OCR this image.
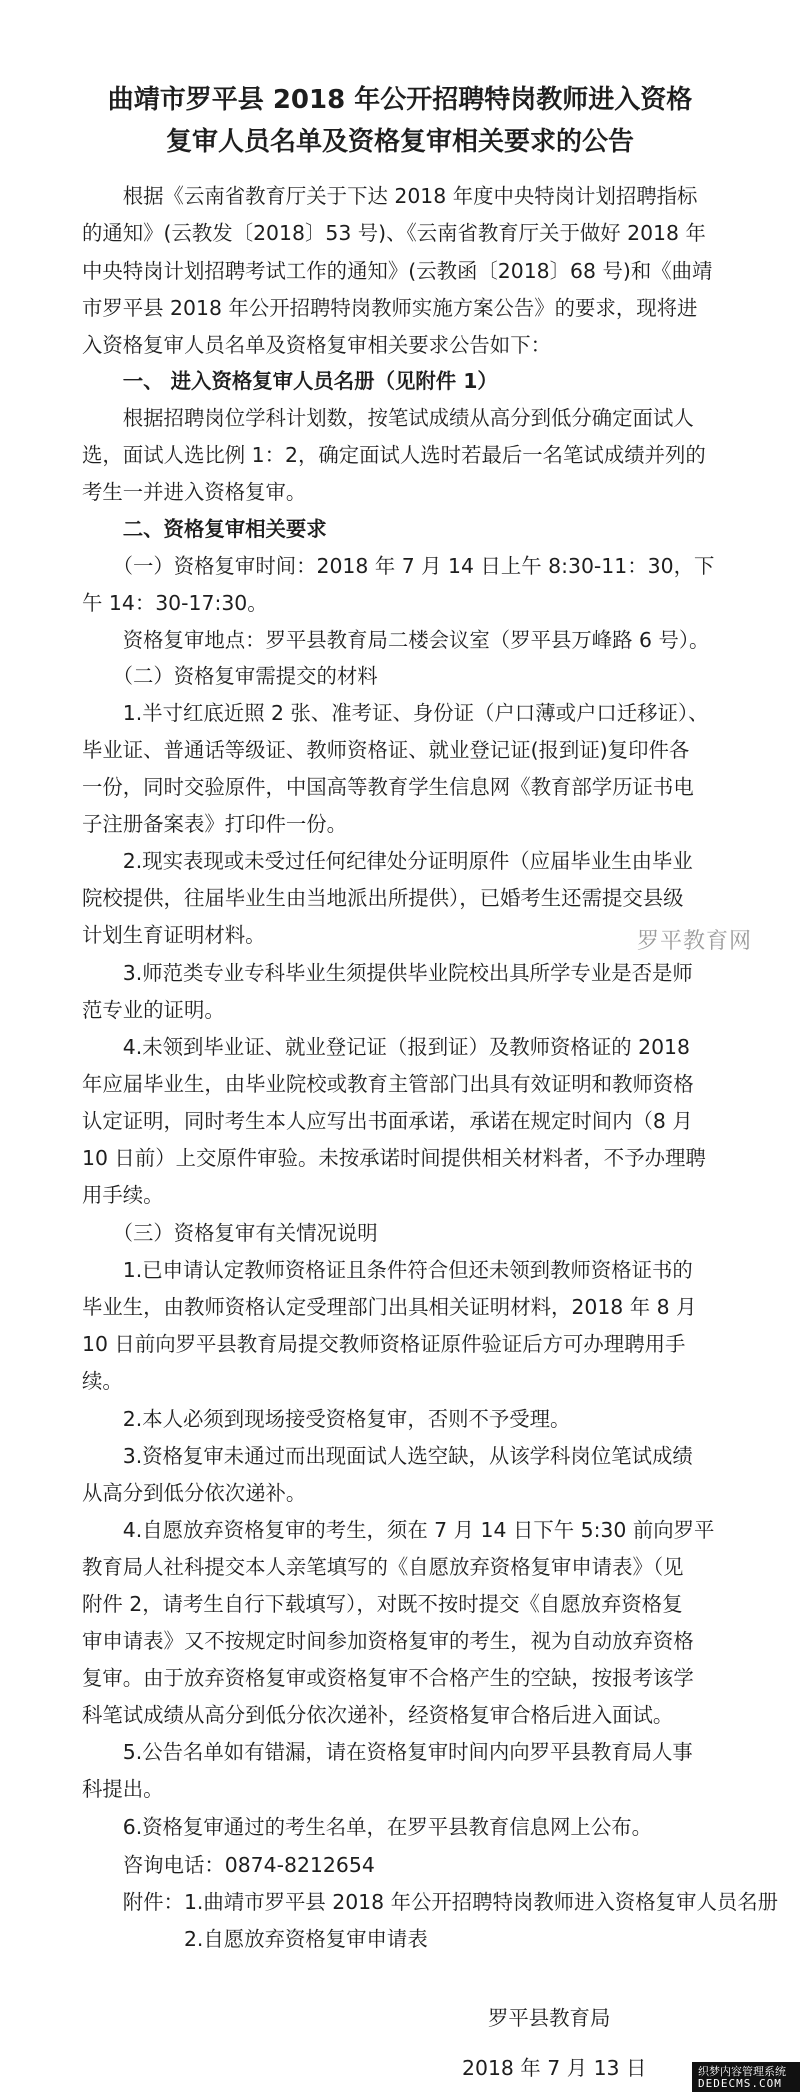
曲靖市罗平县 2018 年公开招聘特岗教师进入资格
复审人员名单及资格复审相关要求的公告
　　根据《云南省教育厅关于下达 2018 年度中央特岗计划招聘指标
的通知》(云教发〔2018〕53 号)、《云南省教育厅关于做好 2018 年
中央特岗计划招聘考试工作的通知》(云教函〔2018〕68 号)和《曲靖
市罗平县 2018 年公开招聘特岗教师实施方案公告》的要求，现将进
入资格复审人员名单及资格复审相关要求公告如下：
　　一、 进入资格复审人员名册（见附件 1）
　　根据招聘岗位学科计划数，按笔试成绩从高分到低分确定面试人
选，面试人选比例 1：2，确定面试人选时若最后一名笔试成绩并列的
考生一并进入资格复审。
　　二、资格复审相关要求
　　（一）资格复审时间：2018 年 7 月 14 日上午 8:30-11：30，下
午 14：30-17:30。
　　资格复审地点：罗平县教育局二楼会议室（罗平县万峰路 6 号）。
　　（二）资格复审需提交的材料
　　1.半寸红底近照 2 张、准考证、身份证（户口薄或户口迁移证）、
毕业证、普通话等级证、教师资格证、就业登记证(报到证)复印件各
一份，同时交验原件，中国高等教育学生信息网《教育部学历证书电
子注册备案表》打印件一份。
　　2.现实表现或未受过任何纪律处分证明原件（应届毕业生由毕业
院校提供，往届毕业生由当地派出所提供），已婚考生还需提交县级
计划生育证明材料。
　　3.师范类专业专科毕业生须提供毕业院校出具所学专业是否是师
范专业的证明。
　　4.未领到毕业证、就业登记证（报到证）及教师资格证的 2018
年应届毕业生，由毕业院校或教育主管部门出具有效证明和教师资格
认定证明，同时考生本人应写出书面承诺，承诺在规定时间内（8 月
10 日前）上交原件审验。未按承诺时间提供相关材料者，不予办理聘
用手续。
　　（三）资格复审有关情况说明
　　1.已申请认定教师资格证且条件符合但还未领到教师资格证书的
毕业生，由教师资格认定受理部门出具相关证明材料，2018 年 8 月
10 日前向罗平县教育局提交教师资格证原件验证后方可办理聘用手
续。
　　2.本人必须到现场接受资格复审，否则不予受理。
　　3.资格复审未通过而出现面试人选空缺，从该学科岗位笔试成绩
从高分到低分依次递补。
　　4.自愿放弃资格复审的考生，须在 7 月 14 日下午 5:30 前向罗平
教育局人社科提交本人亲笔填写的《自愿放弃资格复审申请表》（见
附件 2，请考生自行下载填写），对既不按时提交《自愿放弃资格复
审申请表》又不按规定时间参加资格复审的考生，视为自动放弃资格
复审。由于放弃资格复审或资格复审不合格产生的空缺，按报考该学
科笔试成绩从高分到低分依次递补，经资格复审合格后进入面试。
　　5.公告名单如有错漏，请在资格复审时间内向罗平县教育局人事
科提出。
　　6.资格复审通过的考生名单，在罗平县教育信息网上公布。
　　咨询电话：0874-8212654
　　附件：1.曲靖市罗平县 2018 年公开招聘特岗教师进入资格复审人员名册
　　　　　2.自愿放弃资格复审申请表
罗平教育网
罗平县教育局
2018 年 7 月 13 日	织梦内容管理系统
DEDECMS.COM
